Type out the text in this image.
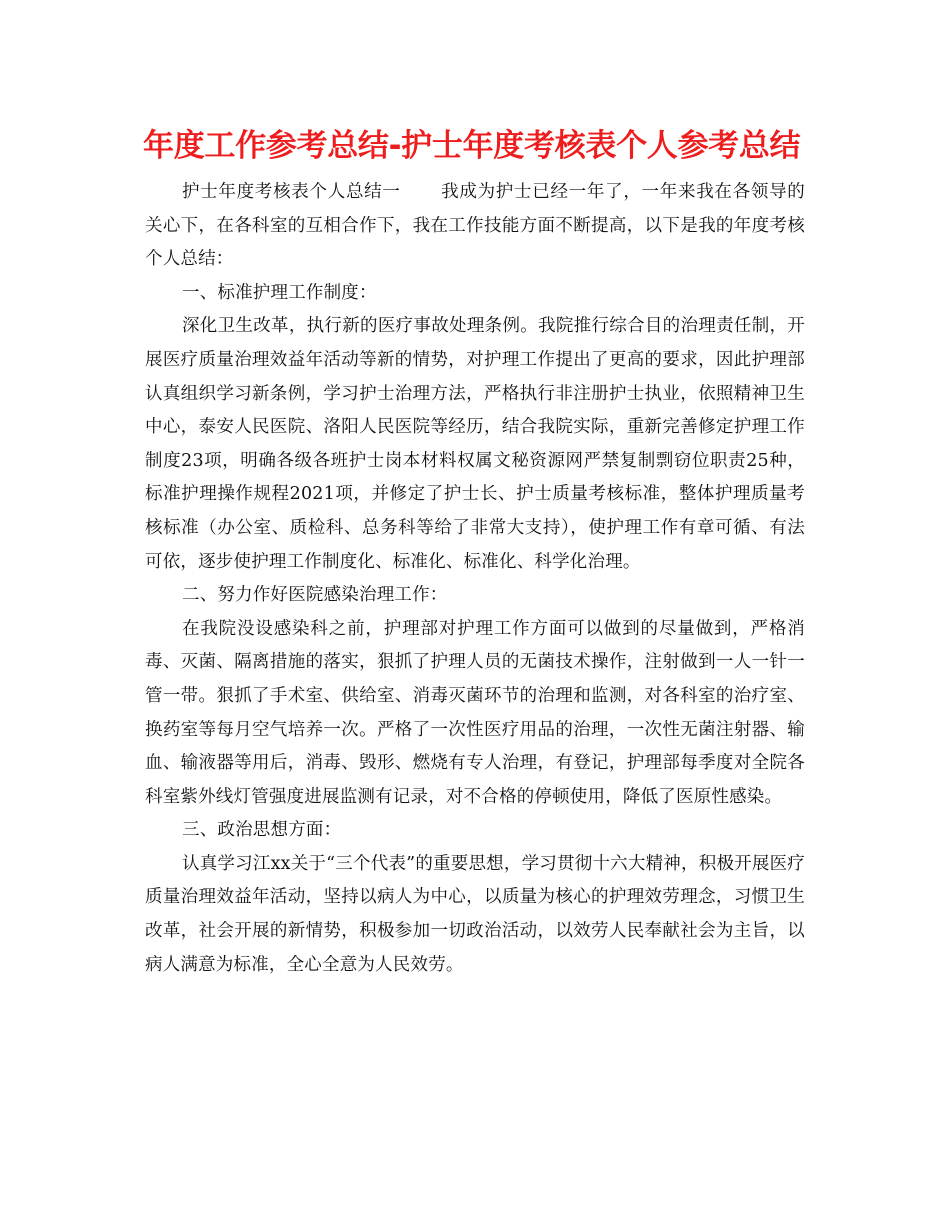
年度工作参考总结-护士年度考核表个人参考总结

护士年度考核表个人总结一 我成为护士已经一年了，一年来我在各领导的关心下，在各科室的互相合作下，我在工作技能方面不断提高，以下是我的年度考核个人总结：

一、标准护理工作制度：

深化卫生改革，执行新的医疗事故处理条例。我院推行综合目的治理责任制，开展医疗质量治理效益年活动等新的情势，对护理工作提出了更高的要求，因此护理部认真组织学习新条例，学习护士治理方法，严格执行非注册护士执业，依照精神卫生中心，泰安人民医院、洛阳人民医院等经历，结合我院实际，重新完善修定护理工作制度23项，明确各级各班护士岗本材料权属文秘资源网严禁复制剽窃位职责25种，标准护理操作规程2021项，并修定了护士长、护士质量考核标准，整体护理质量考核标准（办公室、质检科、总务科等给了非常大支持），使护理工作有章可循、有法可依，逐步使护理工作制度化、标准化、标准化、科学化治理。

二、努力作好医院感染治理工作：

在我院没设感染科之前，护理部对护理工作方面可以做到的尽量做到，严格消毒、灭菌、隔离措施的落实，狠抓了护理人员的无菌技术操作，注射做到一人一针一管一带。狠抓了手术室、供给室、消毒灭菌环节的治理和监测，对各科室的治疗室、换药室等每月空气培养一次。严格了一次性医疗用品的治理，一次性无菌注射器、输血、输液器等用后，消毒、毁形、燃烧有专人治理，有登记，护理部每季度对全院各科室紫外线灯管强度进展监测有记录，对不合格的停顿使用，降低了医原性感染。

三、政治思想方面：

认真学习江xx关于“三个代表”的重要思想，学习贯彻十六大精神，积极开展医疗质量治理效益年活动，坚持以病人为中心，以质量为核心的护理效劳理念，习惯卫生改革，社会开展的新情势，积极参加一切政治活动，以效劳人民奉献社会为主旨，以病人满意为标准，全心全意为人民效劳。
